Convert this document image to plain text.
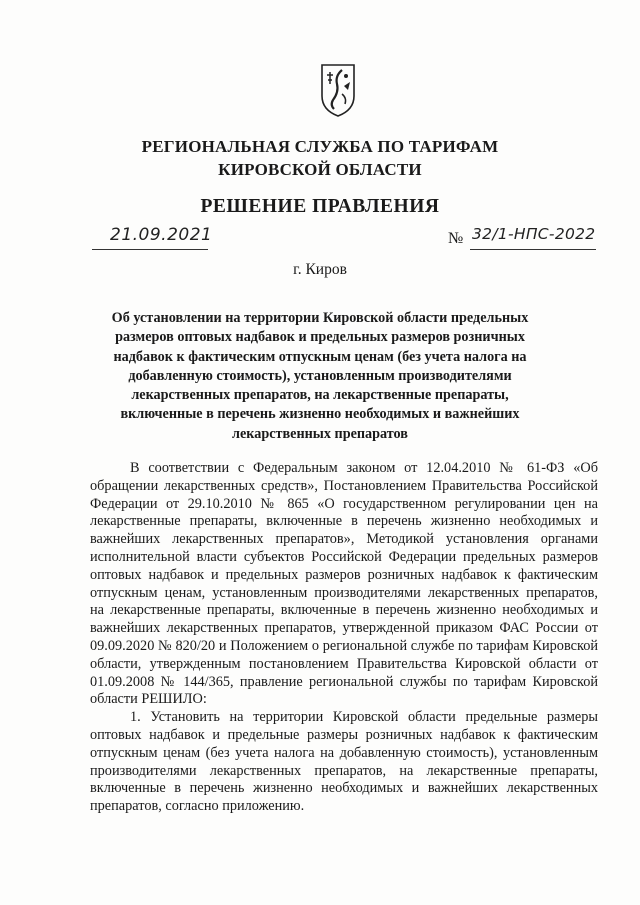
РЕГИОНАЛЬНАЯ СЛУЖБА ПО ТАРИФАМ
КИРОВСКОЙ ОБЛАСТИ
РЕШЕНИЕ ПРАВЛЕНИЯ
21.09.2021	№ 32/1-НПС-2022
г. Киров
Об установлении на территории Кировской области предельных размеров оптовых надбавок и предельных размеров розничных надбавок к фактическим отпускным ценам (без учета налога на добавленную стоимость), установленным производителями лекарственных препаратов, на лекарственные препараты, включенные в перечень жизненно необходимых и важнейших лекарственных препаратов

В соответствии с Федеральным законом от 12.04.2010 № 61-ФЗ «Об обращении лекарственных средств», Постановлением Правительства Российской Федерации от 29.10.2010 № 865 «О государственном регулировании цен на лекарственные препараты, включенные в перечень жизненно необходимых и важнейших лекарственных препаратов», Методикой установления органами исполнительной власти субъектов Российской Федерации предельных размеров оптовых надбавок и предельных размеров розничных надбавок к фактическим отпускным ценам, установленным производителями лекарственных препаратов, на лекарственные препараты, включенные в перечень жизненно необходимых и важнейших лекарственных препаратов, утвержденной приказом ФАС России от 09.09.2020 № 820/20 и Положением о региональной службе по тарифам Кировской области, утвержденным постановлением Правительства Кировской области от 01.09.2008 № 144/365, правление региональной службы по тарифам Кировской области РЕШИЛО:

1. Установить на территории Кировской области предельные размеры оптовых надбавок и предельные размеры розничных надбавок к фактическим отпускным ценам (без учета налога на добавленную стоимость), установленным производителями лекарственных препаратов, на лекарственные препараты, включенные в перечень жизненно необходимых и важнейших лекарственных препаратов, согласно приложению.
